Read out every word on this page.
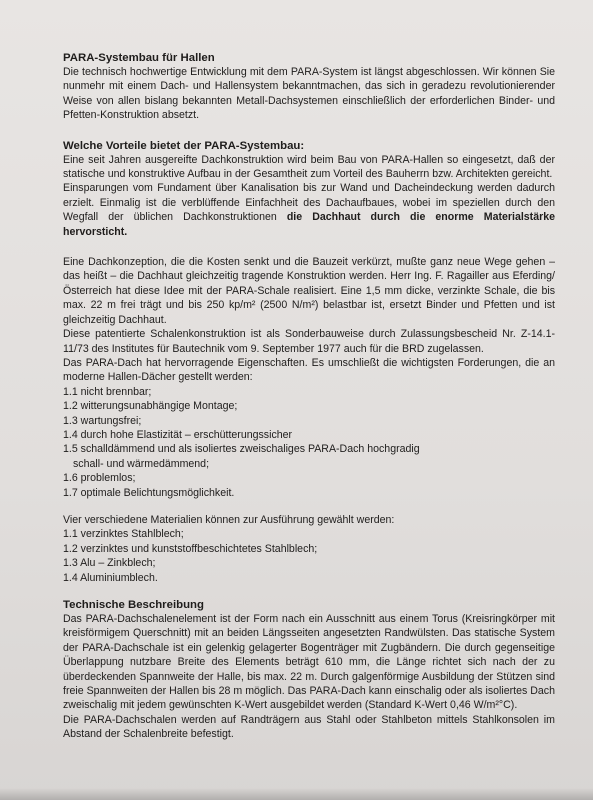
PARA-Systembau für Hallen

Die technisch hochwertige Entwicklung mit dem PARA-System ist längst abgeschlossen. Wir können Sie nunmehr mit einem Dach- und Hallensystem bekanntmachen, das sich in geradezu revolutionierender Weise von allen bislang bekannten Metall-Dachsystemen einschließlich der erforderlichen Binder- und Pfetten-Konstruktion absetzt.

Welche Vorteile bietet der PARA-Systembau:

Eine seit Jahren ausgereifte Dachkonstruktion wird beim Bau von PARA-Hallen so eingesetzt, daß der statische und konstruktive Aufbau in der Gesamtheit zum Vorteil des Bauherrn bzw. Architekten gereicht.

Einsparungen vom Fundament über Kanalisation bis zur Wand und Dacheindeckung werden dadurch erzielt. Einmalig ist die verblüffende Einfachheit des Dachaufbaues, wobei im speziellen durch den Wegfall der üblichen Dachkonstruktionen die Dachhaut durch die enorme Materialstärke hervorsticht.

Eine Dachkonzeption, die die Kosten senkt und die Bauzeit verkürzt, mußte ganz neue Wege gehen – das heißt – die Dachhaut gleichzeitig tragende Konstruktion werden. Herr Ing. F. Ragailler aus Eferding/Österreich hat diese Idee mit der PARA-Schale realisiert. Eine 1,5 mm dicke, verzinkte Schale, die bis max. 22 m frei trägt und bis 250 kp/m² (2500 N/m²) belastbar ist, ersetzt Binder und Pfetten und ist gleichzeitig Dachhaut.

Diese patentierte Schalenkonstruktion ist als Sonderbauweise durch Zulassungsbescheid Nr. Z-14.1-11/73 des Institutes für Bautechnik vom 9. September 1977 auch für die BRD zugelassen.

Das PARA-Dach hat hervorragende Eigenschaften. Es umschließt die wichtigsten Forderungen, die an moderne Hallen-Dächer gestellt werden:

1.1 nicht brennbar;
1.2 witterungsunabhängige Montage;
1.3 wartungsfrei;
1.4 durch hohe Elastizität – erschütterungssicher
1.5 schalldämmend und als isoliertes zweischaliges PARA-Dach hochgradig
schall- und wärmedämmend;
1.6 problemlos;
1.7 optimale Belichtungsmöglichkeit.

Vier verschiedene Materialien können zur Ausführung gewählt werden:

1.1 verzinktes Stahlblech;
1.2 verzinktes und kunststoffbeschichtetes Stahlblech;
1.3 Alu – Zinkblech;
1.4 Aluminiumblech.
Technische Beschreibung

Das PARA-Dachschalenelement ist der Form nach ein Ausschnitt aus einem Torus (Kreisringkörper mit kreisförmigem Querschnitt) mit an beiden Längsseiten angesetzten Randwülsten. Das statische System der PARA-Dachschale ist ein gelenkig gelagerter Bogenträger mit Zugbändern. Die durch gegenseitige Überlappung nutzbare Breite des Elements beträgt 610 mm, die Länge richtet sich nach der zu überdeckenden Spannweite der Halle, bis max. 22 m. Durch galgenförmige Ausbildung der Stützen sind freie Spannweiten der Hallen bis 28 m möglich. Das PARA-Dach kann einschalig oder als isoliertes Dach zweischalig mit jedem gewünschten K-Wert ausgebildet werden (Standard K-Wert 0,46 W/m²°C).

Die PARA-Dachschalen werden auf Randträgern aus Stahl oder Stahlbeton mittels Stahlkonsolen im Abstand der Schalenbreite befestigt.
